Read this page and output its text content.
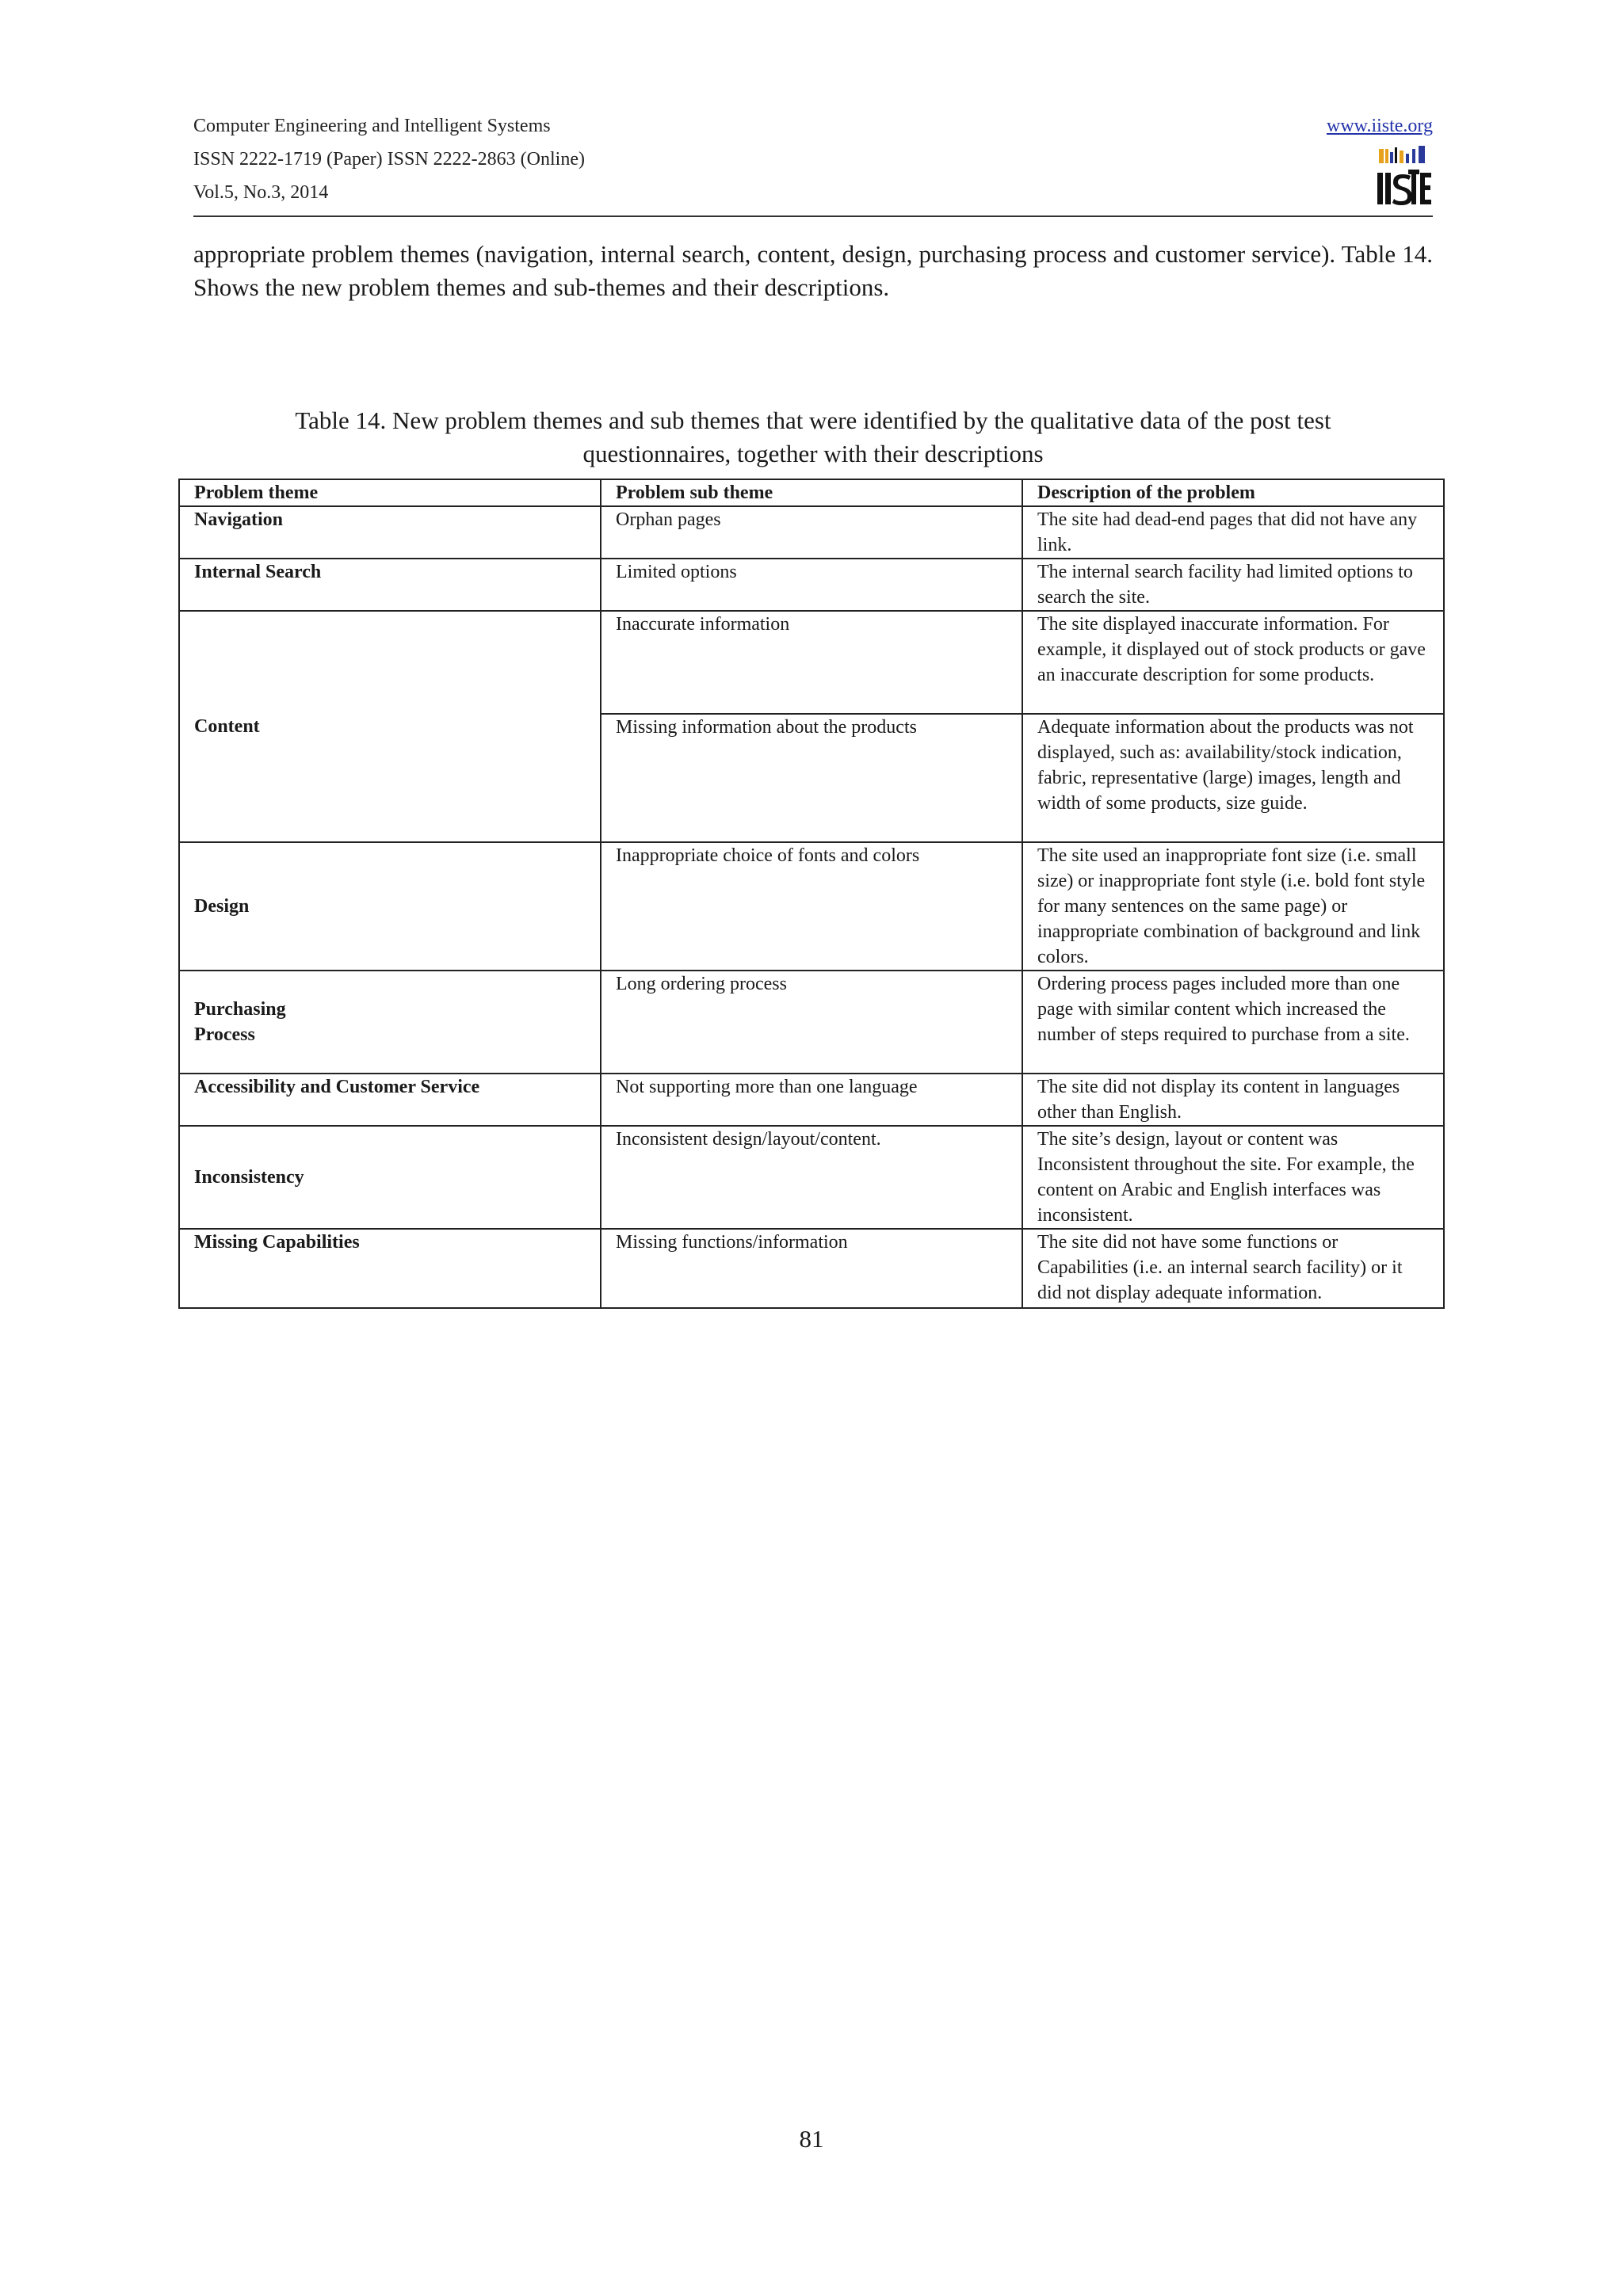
Computer Engineering and Intelligent Systems
ISSN 2222-1719 (Paper) ISSN 2222-2863 (Online)
Vol.5, No.3, 2014
www.iiste.org
appropriate problem themes (navigation, internal search, content, design, purchasing process and customer service). Table 14. Shows the new problem themes and sub-themes and their descriptions.
Table 14. New problem themes and sub themes that were identified by the qualitative data of the post test
questionnaires, together with their descriptions
Problem theme	Problem sub theme	Description of the problem
Navigation	Orphan pages	The site had dead-end pages that did not have any link.
Internal Search	Limited options	The internal search facility had limited options to search the site.
Content	Inaccurate information	The site displayed inaccurate information. For example, it displayed out of stock products or gave an inaccurate description for some products.
	Missing information about the products	Adequate information about the products was not displayed, such as: availability/stock indication, fabric, representative (large) images, length and width of some products, size guide.
Design	Inappropriate choice of fonts and colors	The site used an inappropriate font size (i.e. small size) or inappropriate font style (i.e. bold font style for many sentences on the same page) or inappropriate combination of background and link colors.

Purchasing
Process	Long ordering process	Ordering process pages included more than one page with similar content which increased the number of steps required to purchase from a site.
Accessibility and Customer Service	Not supporting more than one language	The site did not display its content in languages other than English.
Inconsistency	Inconsistent design/layout/content.	The site’s design, layout or content was Inconsistent throughout the site. For example, the content on Arabic and English interfaces was inconsistent.
Missing Capabilities	Missing functions/information	The site did not have some functions or Capabilities (i.e. an internal search facility) or it did not display adequate information.
81
